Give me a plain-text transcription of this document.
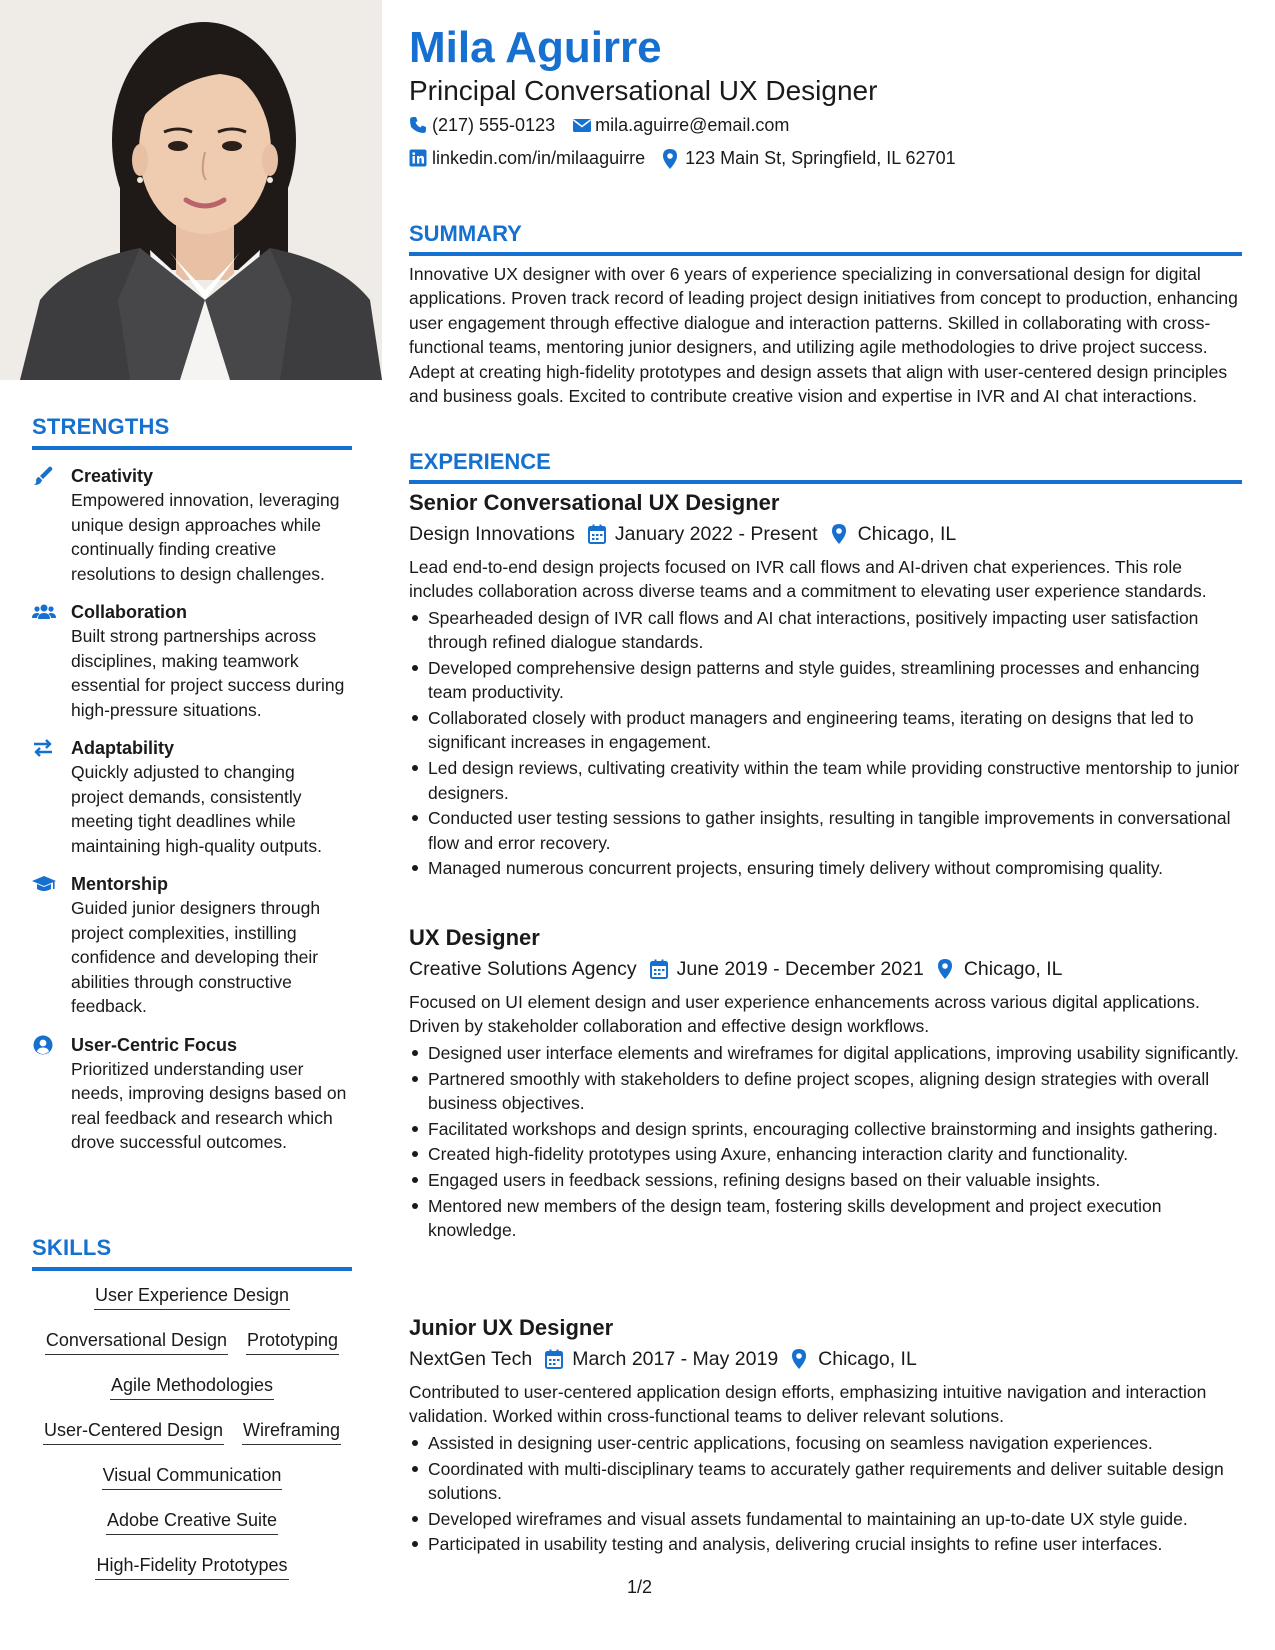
STRENGTHS
Creativity
Empowered innovation, leveraging unique design approaches while continually finding creative resolutions to design challenges.
Collaboration
Built strong partnerships across disciplines, making teamwork essential for project success during high-pressure situations.
Adaptability
Quickly adjusted to changing project demands, consistently meeting tight deadlines while maintaining high-quality outputs.
Mentorship
Guided junior designers through project complexities, instilling confidence and developing their abilities through constructive feedback.
User-Centric Focus
Prioritized understanding user needs, improving designs based on real feedback and research which drove successful outcomes.
SKILLS
User Experience Design
Conversational Design Prototyping
Agile Methodologies
User-Centered Design Wireframing
Visual Communication
Adobe Creative Suite
High-Fidelity Prototypes
Mila Aguirre
Principal Conversational UX Designer
(217) 555-0123 mila.aguirre@email.com
linkedin.com/in/milaaguirre 123 Main St, Springfield, IL 62701
SUMMARY
Innovative UX designer with over 6 years of experience specializing in conversational design for digital applications. Proven track record of leading project design initiatives from concept to production, enhancing user engagement through effective dialogue and interaction patterns. Skilled in collaborating with cross-functional teams, mentoring junior designers, and utilizing agile methodologies to drive project success. Adept at creating high-fidelity prototypes and design assets that align with user-centered design principles and business goals. Excited to contribute creative vision and expertise in IVR and AI chat interactions.
EXPERIENCE
Senior Conversational UX Designer
Design Innovations January 2022 - Present Chicago, IL
Lead end-to-end design projects focused on IVR call flows and AI-driven chat experiences. This role includes collaboration across diverse teams and a commitment to elevating user experience standards.
Spearheaded design of IVR call flows and AI chat interactions, positively impacting user satisfaction through refined dialogue standards.
Developed comprehensive design patterns and style guides, streamlining processes and enhancing team productivity.
Collaborated closely with product managers and engineering teams, iterating on designs that led to significant increases in engagement.
Led design reviews, cultivating creativity within the team while providing constructive mentorship to junior designers.
Conducted user testing sessions to gather insights, resulting in tangible improvements in conversational flow and error recovery.
Managed numerous concurrent projects, ensuring timely delivery without compromising quality.
UX Designer
Creative Solutions Agency June 2019 - December 2021 Chicago, IL
Focused on UI element design and user experience enhancements across various digital applications. Driven by stakeholder collaboration and effective design workflows.
Designed user interface elements and wireframes for digital applications, improving usability significantly.
Partnered smoothly with stakeholders to define project scopes, aligning design strategies with overall business objectives.
Facilitated workshops and design sprints, encouraging collective brainstorming and insights gathering.
Created high-fidelity prototypes using Axure, enhancing interaction clarity and functionality.
Engaged users in feedback sessions, refining designs based on their valuable insights.
Mentored new members of the design team, fostering skills development and project execution knowledge.
Junior UX Designer
NextGen Tech March 2017 - May 2019 Chicago, IL
Contributed to user-centered application design efforts, emphasizing intuitive navigation and interaction validation. Worked within cross-functional teams to deliver relevant solutions.
Assisted in designing user-centric applications, focusing on seamless navigation experiences.
Coordinated with multi-disciplinary teams to accurately gather requirements and deliver suitable design solutions.
Developed wireframes and visual assets fundamental to maintaining an up-to-date UX style guide.
Participated in usability testing and analysis, delivering crucial insights to refine user interfaces.
1/2
